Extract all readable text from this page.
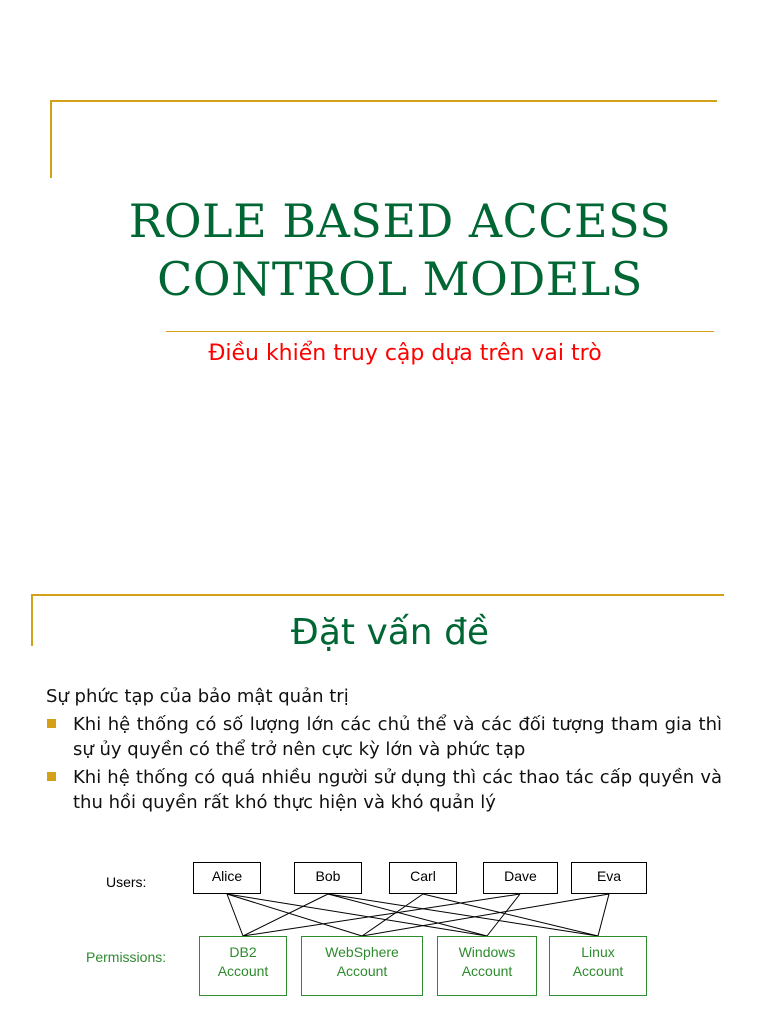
ROLE BASED ACCESS CONTROL MODELS
Điều khiển truy cập dựa trên vai trò
Đặt vấn đề
Sự phức tạp của bảo mật quản trị
Khi hệ thống có số lượng lớn các chủ thể và các đối tượng tham gia thì sự ủy quyền có thể trở nên cực kỳ lớn và phức tạp
Khi hệ thống có quá nhiều người sử dụng thì các thao tác cấp quyền và thu hồi quyền rất khó thực hiện và khó quản lý
Users:
Permissions:
Alice	Bob	Carl	Dave	Eva
DB2
Account
WebSphere
Account
Windows
Account
Linux
Account
